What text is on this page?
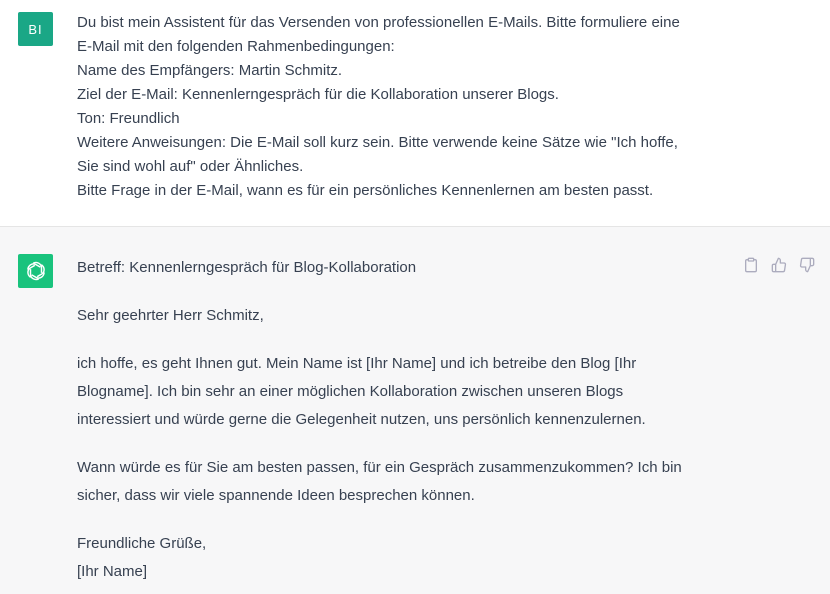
BI	Du bist mein Assistent für das Versenden von professionellen E-Mails. Bitte formuliere eine
E-Mail mit den folgenden Rahmenbedingungen:
Name des Empfängers: Martin Schmitz.
Ziel der E-Mail: Kennenlerngespräch für die Kollaboration unserer Blogs.
Ton: Freundlich
Weitere Anweisungen: Die E-Mail soll kurz sein. Bitte verwende keine Sätze wie "Ich hoffe,
Sie sind wohl auf" oder Ähnliches.
Bitte Frage in der E-Mail, wann es für ein persönliches Kennenlernen am besten passt.

Betreff: Kennenlerngespräch für Blog-Kollaboration

Sehr geehrter Herr Schmitz,

ich hoffe, es geht Ihnen gut. Mein Name ist [Ihr Name] und ich betreibe den Blog [Ihr
Blogname]. Ich bin sehr an einer möglichen Kollaboration zwischen unseren Blogs
interessiert und würde gerne die Gelegenheit nutzen, uns persönlich kennenzulernen.
Wann würde es für Sie am besten passen, für ein Gespräch zusammenzukommen? Ich bin
sicher, dass wir viele spannende Ideen besprechen können.
Freundliche Grüße,
[Ihr Name]
